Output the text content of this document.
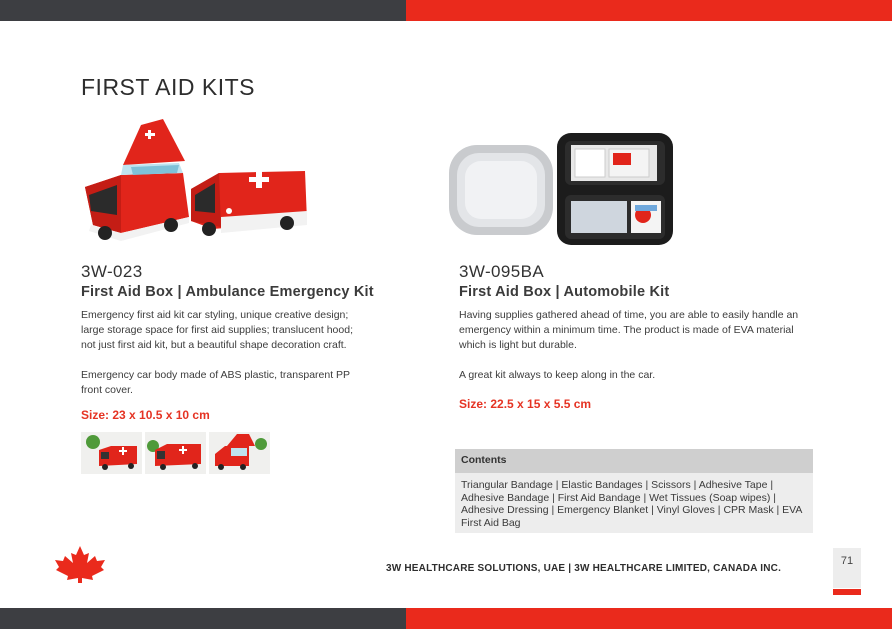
FIRST AID KITS

3W-023

First Aid Box | Ambulance Emergency Kit

Emergency first aid kit car styling, unique creative design; large storage space for first aid supplies; translucent hood; not just first aid kit, but a beautiful shape decoration craft.

Emergency car body made of ABS plastic, transparent PP front cover.

Size: 23 x 10.5 x 10 cm

3W-095BA

First Aid Box | Automobile Kit

Having supplies gathered ahead of time, you are able to easily handle an emergency within a minimum time. The product is made of EVA material which is light but durable.

A great kit always to keep along in the car.

Size: 22.5 x 15 x 5.5 cm

Contents
Triangular Bandage | Elastic Bandages | Scissors | Adhesive Tape | Adhesive Bandage | First Aid Bandage | Wet Tissues (Soap wipes) | Adhesive Dressing | Emergency Blanket | Vinyl Gloves | CPR Mask | EVA First Aid Bag
3W HEALTHCARE SOLUTIONS, UAE | 3W HEALTHCARE LIMITED, CANADA INC.
71
